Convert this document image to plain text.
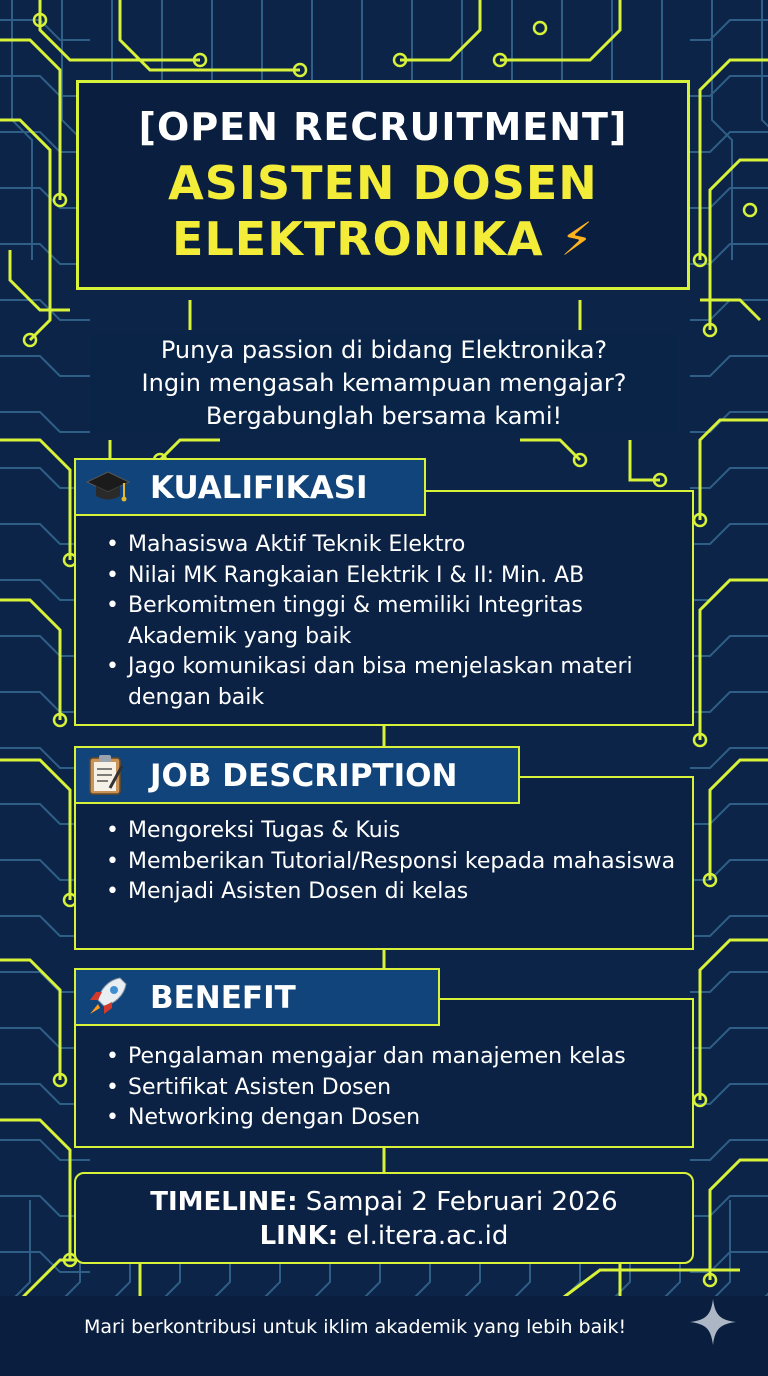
[OPEN RECRUITMENT]
ASISTEN DOSEN
ELEKTRONIKA ⚡
Punya passion di bidang Elektronika?
Ingin mengasah kemampuan mengajar?
Bergabunglah bersama kami!
• Mahasiswa Aktif Teknik Elektro
• Nilai MK Rangkaian Elektrik I & II: Min. AB
• Berkomitmen tinggi & memiliki Integritas Akademik yang baik
• Jago komunikasi dan bisa menjelaskan materi dengan baik
KUALIFIKASI
• Mengoreksi Tugas & Kuis
• Memberikan Tutorial/Responsi kepada mahasiswa
• Menjadi Asisten Dosen di kelas
JOB DESCRIPTION
• Pengalaman mengajar dan manajemen kelas
• Sertifikat Asisten Dosen
• Networking dengan Dosen
BENEFIT
TIMELINE: Sampai 2 Februari 2026
LINK: el.itera.ac.id
Mari berkontribusi untuk iklim akademik yang lebih baik!
